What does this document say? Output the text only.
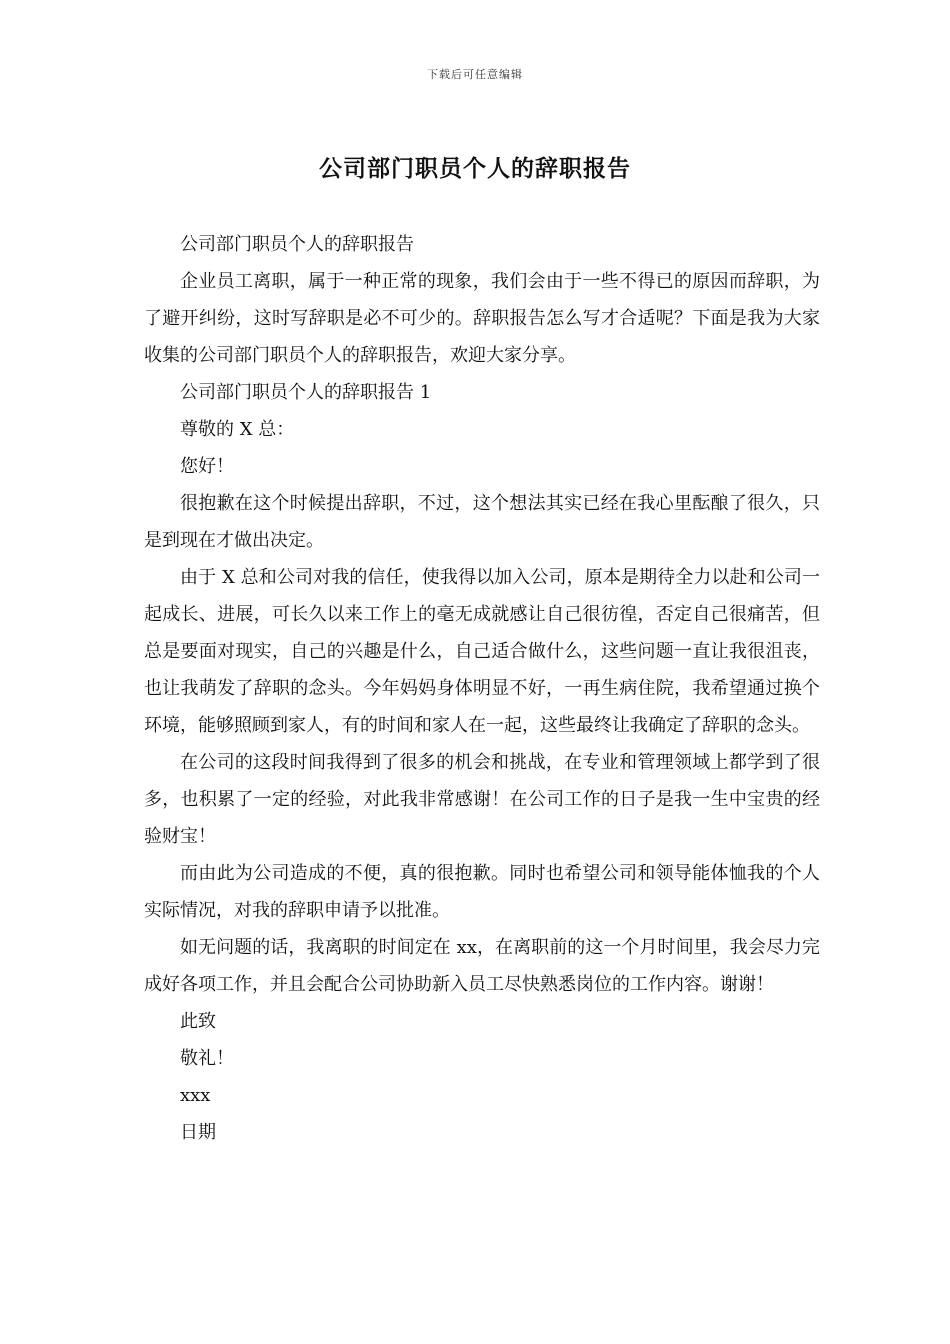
下载后可任意编辑
公司部门职员个人的辞职报告

公司部门职员个人的辞职报告

企业员工离职，属于一种正常的现象，我们会由于一些不得已的原因而辞职，为了避开纠纷，这时写辞职是必不可少的。辞职报告怎么写才合适呢？下面是我为大家收集的公司部门职员个人的辞职报告，欢迎大家分享。

公司部门职员个人的辞职报告 1

尊敬的 X 总：

您好！

很抱歉在这个时候提出辞职，不过，这个想法其实已经在我心里酝酿了很久，只是到现在才做出决定。

由于 X 总和公司对我的信任，使我得以加入公司，原本是期待全力以赴和公司一起成长、进展，可长久以来工作上的毫无成就感让自己很彷徨，否定自己很痛苦，但总是要面对现实，自己的兴趣是什么，自己适合做什么，这些问题一直让我很沮丧，也让我萌发了辞职的念头。今年妈妈身体明显不好，一再生病住院，我希望通过换个环境，能够照顾到家人，有的时间和家人在一起，这些最终让我确定了辞职的念头。

在公司的这段时间我得到了很多的机会和挑战，在专业和管理领域上都学到了很多，也积累了一定的经验，对此我非常感谢！在公司工作的日子是我一生中宝贵的经验财宝！

而由此为公司造成的不便，真的很抱歉。同时也希望公司和领导能体恤我的个人实际情况，对我的辞职申请予以批准。

如无问题的话，我离职的时间定在 xx，在离职前的这一个月时间里，我会尽力完成好各项工作，并且会配合公司协助新入员工尽快熟悉岗位的工作内容。谢谢！

此致

敬礼！

xxx

日期
